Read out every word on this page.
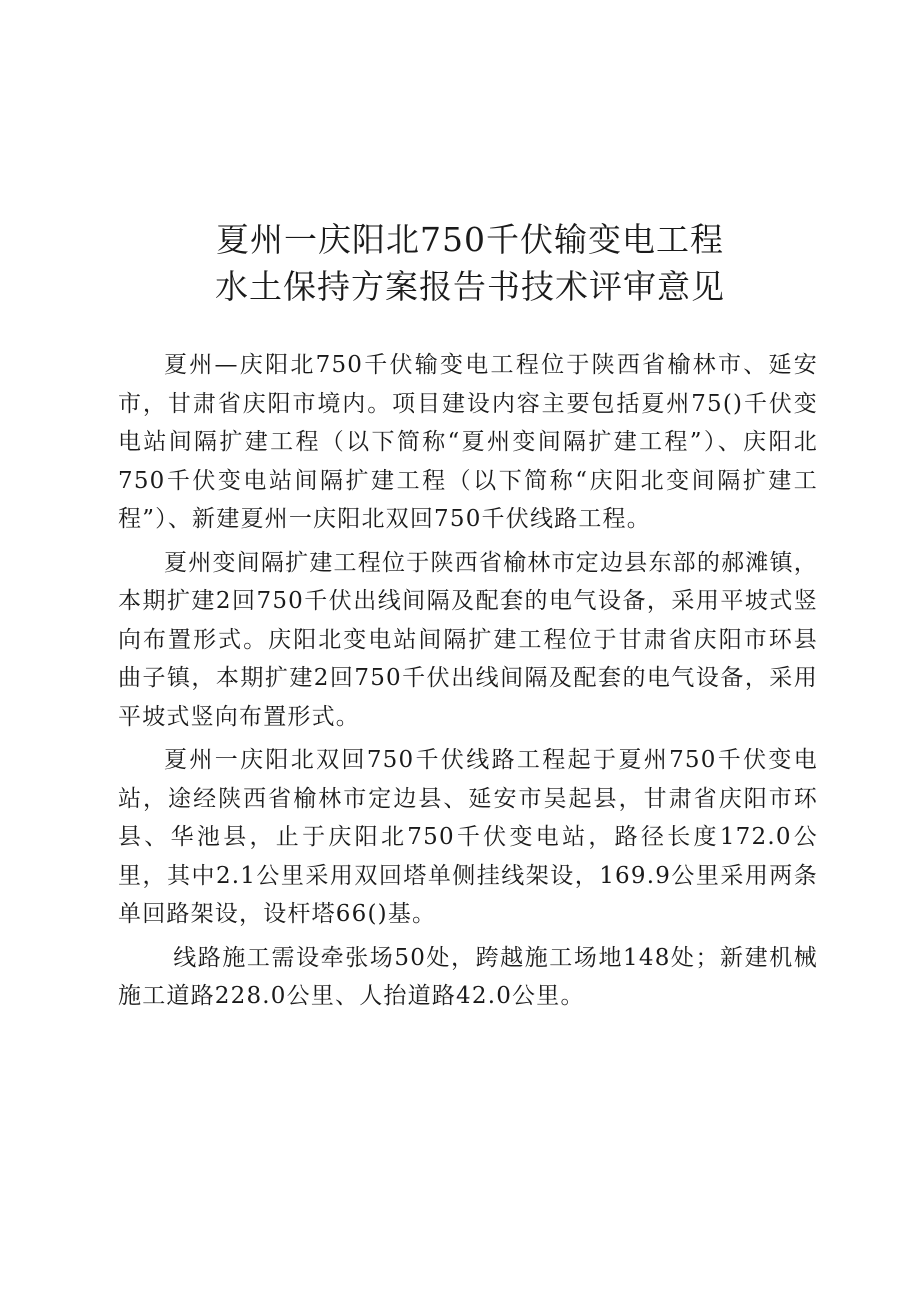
夏州一庆阳北750千伏输变电工程
水土保持方案报告书技术评审意见

夏州—庆阳北750千伏输变电工程位于陕西省榆林市、延安市，甘肃省庆阳市境内。项目建设内容主要包括夏州75()千伏变电站间隔扩建工程（以下简称“夏州变间隔扩建工程”）、庆阳北750千伏变电站间隔扩建工程（以下简称“庆阳北变间隔扩建工程”）、新建夏州一庆阳北双回750千伏线路工程。

夏州变间隔扩建工程位于陕西省榆林市定边县东部的郝滩镇，本期扩建2回750千伏出线间隔及配套的电气设备，采用平坡式竖向布置形式。庆阳北变电站间隔扩建工程位于甘肃省庆阳市环县曲子镇，本期扩建2回750千伏出线间隔及配套的电气设备，采用平坡式竖向布置形式。

夏州一庆阳北双回750千伏线路工程起于夏州750千伏变电站，途经陕西省榆林市定边县、延安市吴起县，甘肃省庆阳市环县、华池县，止于庆阳北750千伏变电站，路径长度172.0公里，其中2.1公里采用双回塔单侧挂线架设，169.9公里采用两条单回路架设，设杆塔66()基。

线路施工需设牵张场50处，跨越施工场地148处；新建机械施工道路228.0公里、人抬道路42.0公里。
